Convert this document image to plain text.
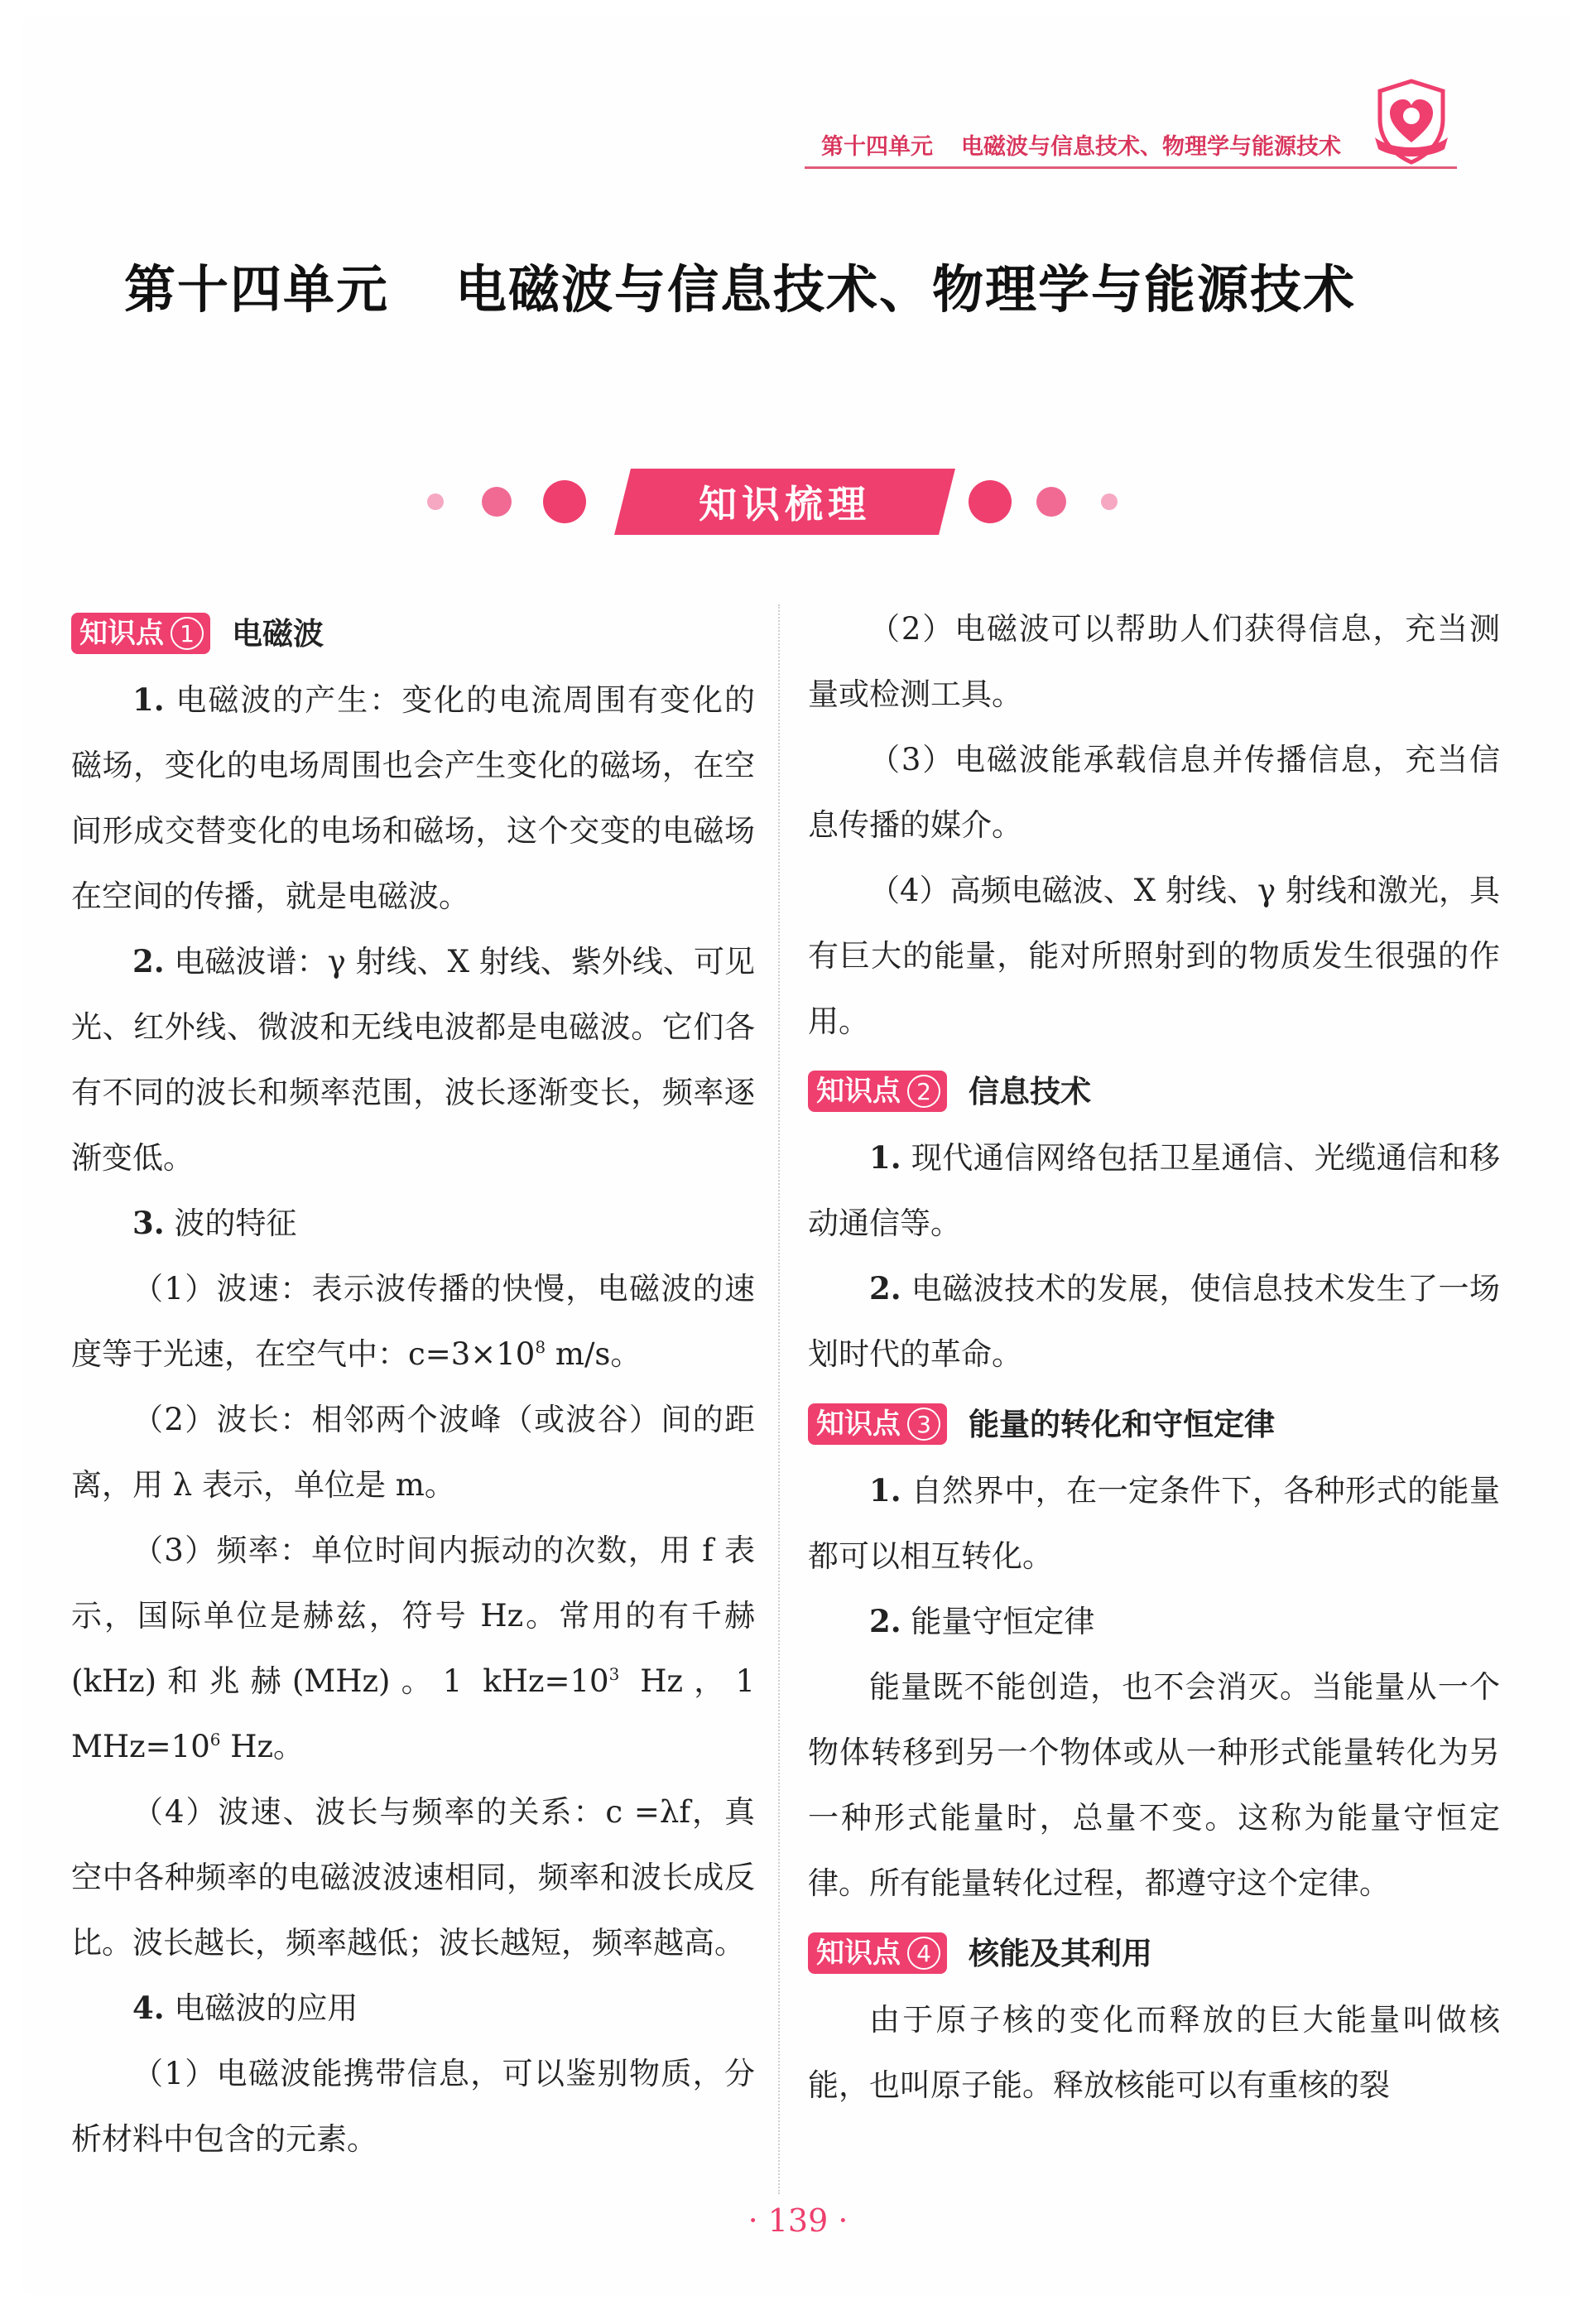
第十四单元 电磁波与信息技术、物理学与能源技术
第十四单元 电磁波与信息技术、物理学与能源技术
知识梳理
知识点 1 电磁波

1. 电磁波的产生：变化的电流周围有变化的磁场，变化的电场周围也会产生变化的磁场，在空间形成交替变化的电场和磁场，这个交变的电磁场在空间的传播，就是电磁波。

2. 电磁波谱：γ 射线、X 射线、紫外线、可见光、红外线、微波和无线电波都是电磁波。它们各有不同的波长和频率范围，波长逐渐变长，频率逐渐变低。

3. 波的特征

（1）波速：表示波传播的快慢，电磁波的速度等于光速，在空气中：$c=3\times 10^8$ m/s。

（2）波长：相邻两个波峰（或波谷）间的距离，用 λ 表示，单位是 m。

（3）频率：单位时间内振动的次数，用 f 表示，国际单位是赫兹，符号 Hz。常用的有千赫(kHz)和兆赫(MHz)。1 $kHz=10^3$ Hz，1 $MHz=10^6$ Hz。

（4）波速、波长与频率的关系：c =λf，真空中各种频率的电磁波波速相同，频率和波长成反比。波长越长，频率越低；波长越短，频率越高。

4. 电磁波的应用

（1）电磁波能携带信息，可以鉴别物质，分析材料中包含的元素。

（2）电磁波可以帮助人们获得信息，充当测量或检测工具。

（3）电磁波能承载信息并传播信息，充当信息传播的媒介。

（4）高频电磁波、X 射线、γ 射线和激光，具有巨大的能量，能对所照射到的物质发生很强的作用。

知识点 2 信息技术

1. 现代通信网络包括卫星通信、光缆通信和移动通信等。

2. 电磁波技术的发展，使信息技术发生了一场划时代的革命。

知识点 3 能量的转化和守恒定律

1. 自然界中，在一定条件下，各种形式的能量都可以相互转化。

2. 能量守恒定律

能量既不能创造，也不会消灭。当能量从一个物体转移到另一个物体或从一种形式能量转化为另一种形式能量时，总量不变。这称为能量守恒定律。所有能量转化过程，都遵守这个定律。

知识点 4 核能及其利用

由于原子核的变化而释放的巨大能量叫做核能，也叫原子能。释放核能可以有重核的裂

· 139 ·
